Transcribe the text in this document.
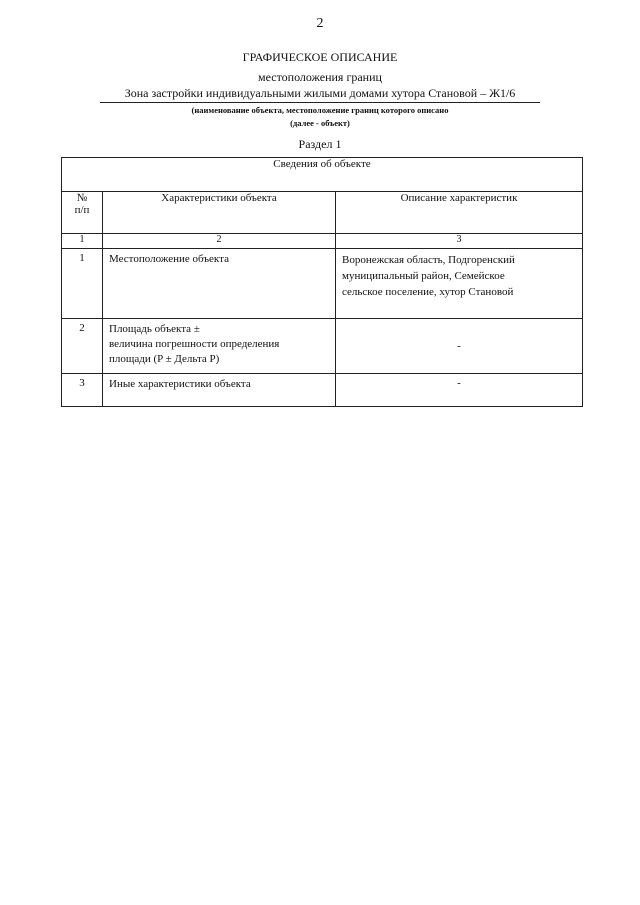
2
ГРАФИЧЕСКОЕ ОПИСАНИЕ
местоположения границ
Зона застройки индивидуальными жилыми домами хутора Становой – Ж1/6
(наименование объекта, местоположение границ которого описано
(далее - объект)
Раздел 1
Сведения об объекте		

№
п/п	Характеристики объекта	Описание характеристик
1	2	3
1	Местоположение объекта	Воронежская область, Подгоренский
муниципальный район, Семейское
сельское поселение, хутор Становой

2	Площадь объекта ±
величина погрешности определения
площади (P ± Дельта P)	-
3	Иные характеристики объекта	-
